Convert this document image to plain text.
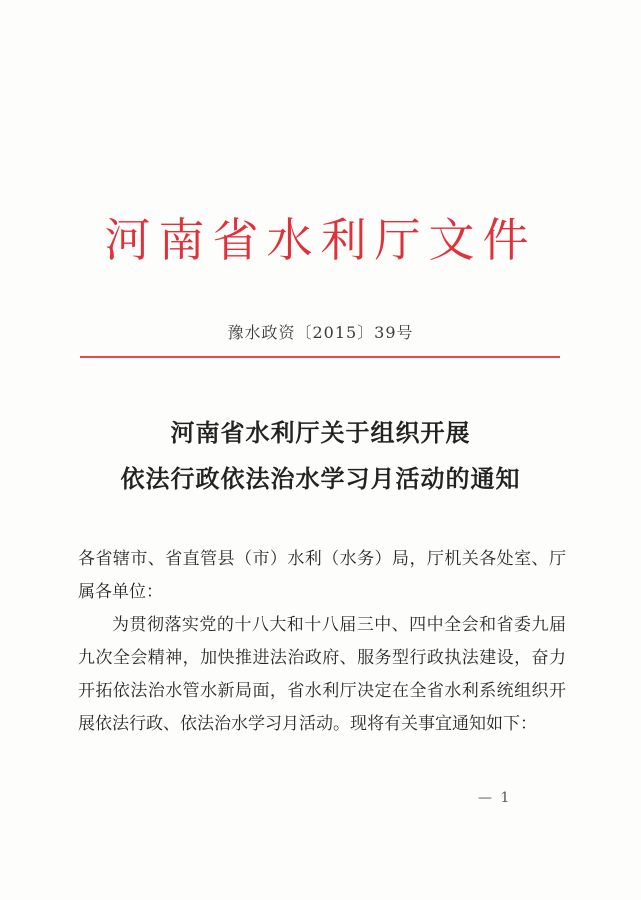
河南省水利厅文件
豫水政资〔2015〕39号
河南省水利厅关于组织开展
依法行政依法治水学习月活动的通知
各省辖市、省直管县（市）水利（水务）局，厅机关各处室、厅属各单位：
为贯彻落实党的十八大和十八届三中、四中全会和省委九届九次全会精神，加快推进法治政府、服务型行政执法建设，奋力开拓依法治水管水新局面，省水利厅决定在全省水利系统组织开展依法行政、依法治水学习月活动。现将有关事宜通知如下：
— 1
